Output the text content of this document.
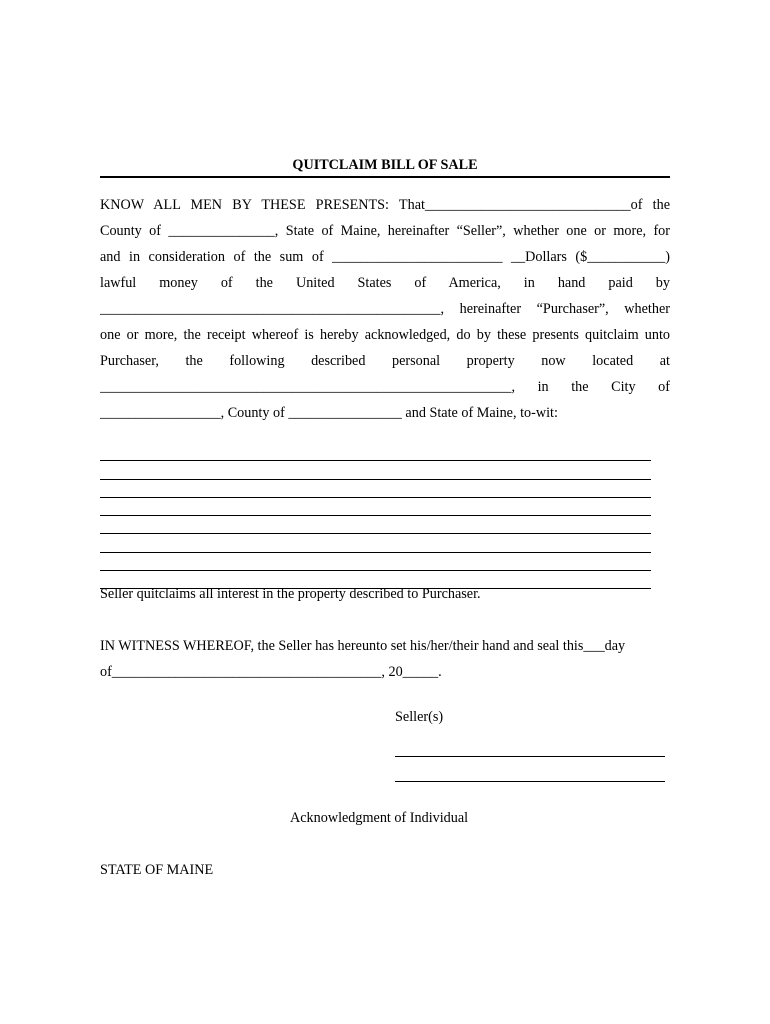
QUITCLAIM BILL OF SALE
KNOW ALL MEN BY THESE PRESENTS: That_____________________________of the
County of _______________, State of Maine, hereinafter “Seller”, whether one or more, for
and in consideration of the sum of ________________________ __Dollars ($___________)
lawful money of the United States of America, in hand paid by
________________________________________________, hereinafter “Purchaser”, whether
one or more, the receipt whereof is hereby acknowledged, do by these presents quitclaim unto
Purchaser, the following described personal property now located at
__________________________________________________________, in the City of
_________________, County of ________________ and State of Maine, to-wit:
Seller quitclaims all interest in the property described to Purchaser.
IN WITNESS WHEREOF, the Seller has hereunto set his/her/their hand and seal this___day
of______________________________________, 20_____.
Seller(s)
Acknowledgment of Individual
STATE OF MAINE
